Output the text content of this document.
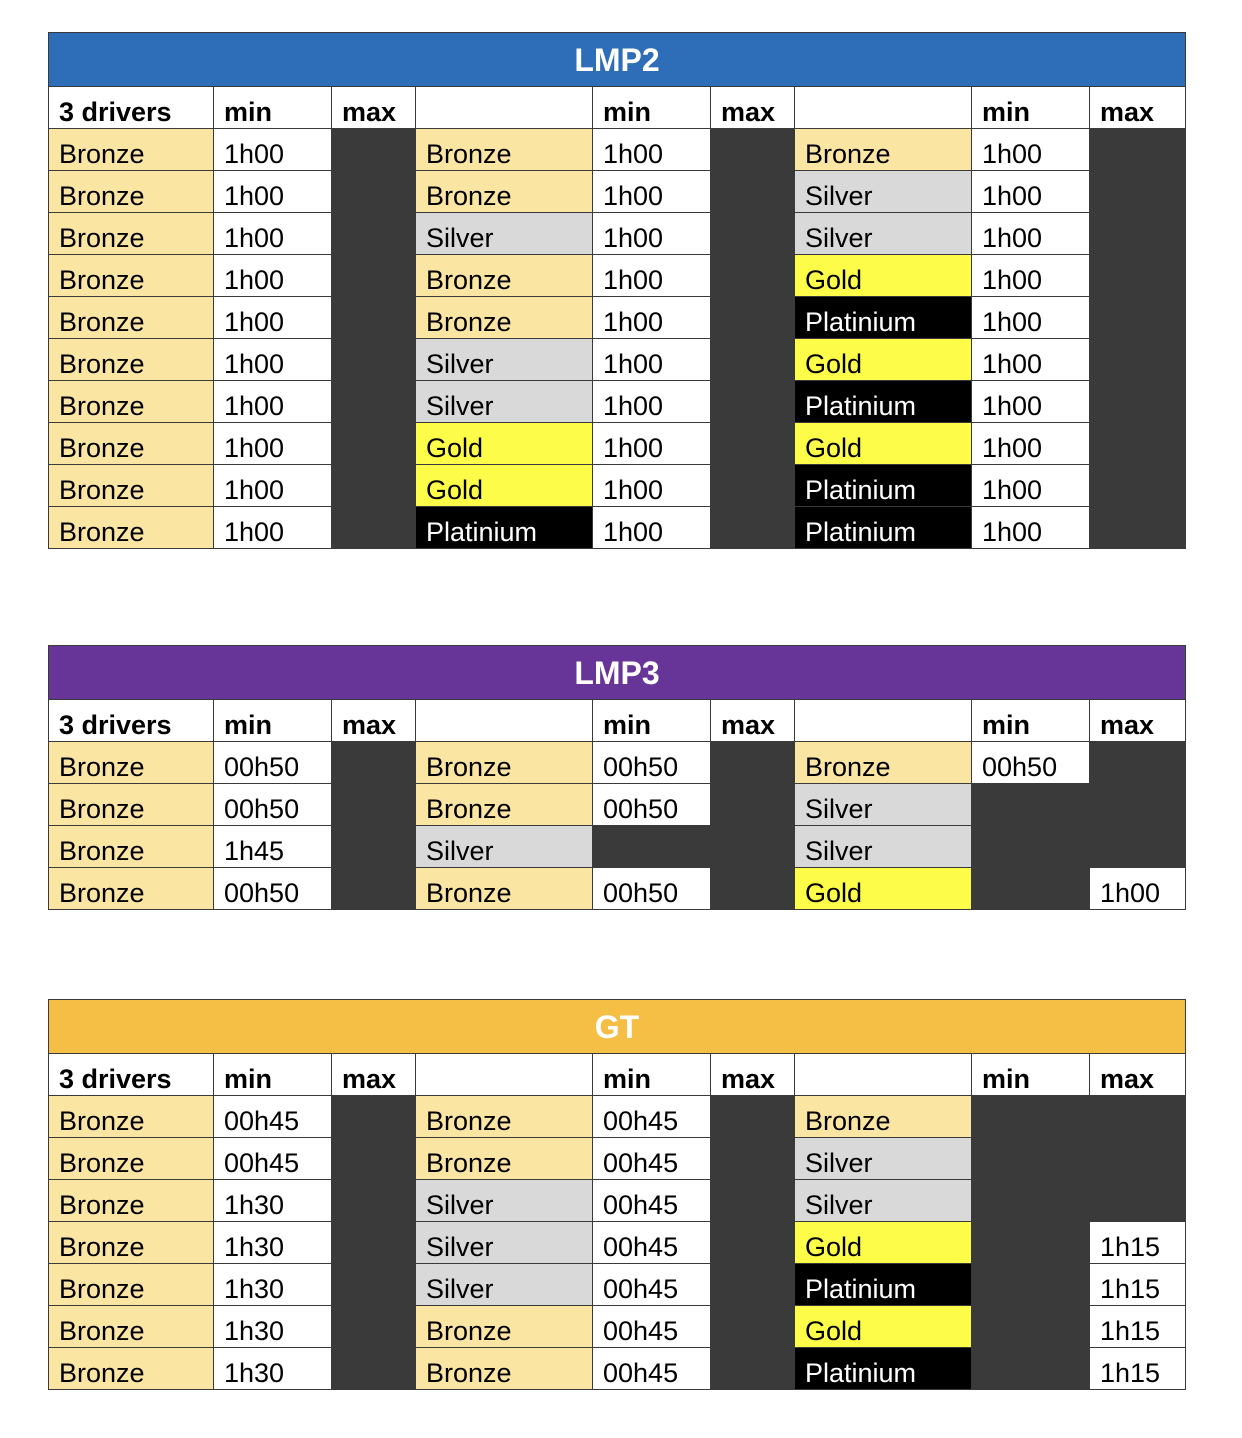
LMP2								
3 drivers	min	max		min	max		min	max
Bronze	1h00		Bronze	1h00		Bronze	1h00	
Bronze	1h00		Bronze	1h00		Silver	1h00	
Bronze	1h00		Silver	1h00		Silver	1h00	
Bronze	1h00		Bronze	1h00		Gold	1h00	
Bronze	1h00		Bronze	1h00		Platinium	1h00	
Bronze	1h00		Silver	1h00		Gold	1h00	
Bronze	1h00		Silver	1h00		Platinium	1h00	
Bronze	1h00		Gold	1h00		Gold	1h00	
Bronze	1h00		Gold	1h00		Platinium	1h00	
Bronze	1h00		Platinium	1h00		Platinium	1h00	
LMP3								
3 drivers	min	max		min	max		min	max
Bronze	00h50		Bronze	00h50		Bronze	00h50	
Bronze	00h50		Bronze	00h50		Silver		
Bronze	1h45		Silver			Silver		
Bronze	00h50		Bronze	00h50		Gold		1h00
GT								
3 drivers	min	max		min	max		min	max
Bronze	00h45		Bronze	00h45		Bronze		
Bronze	00h45		Bronze	00h45		Silver		
Bronze	1h30		Silver	00h45		Silver		
Bronze	1h30		Silver	00h45		Gold		1h15
Bronze	1h30		Silver	00h45		Platinium		1h15
Bronze	1h30		Bronze	00h45		Gold		1h15
Bronze	1h30		Bronze	00h45		Platinium		1h15
